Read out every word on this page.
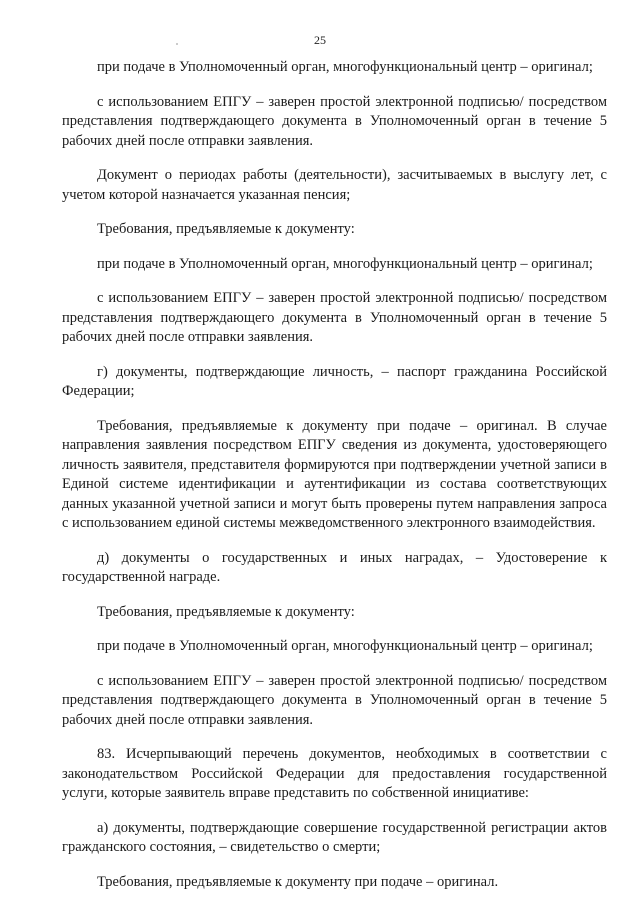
25

при подаче в Уполномоченный орган, многофункциональный центр – оригинал;

с использованием ЕПГУ – заверен простой электронной подписью/ посредством представления подтверждающего документа в Уполномоченный орган в течение 5 рабочих дней после отправки заявления.

Документ о периодах работы (деятельности), засчитываемых в выслугу лет, с учетом которой назначается указанная пенсия;

Требования, предъявляемые к документу:

при подаче в Уполномоченный орган, многофункциональный центр – оригинал;

с использованием ЕПГУ – заверен простой электронной подписью/ посредством представления подтверждающего документа в Уполномоченный орган в течение 5 рабочих дней после отправки заявления.

г) документы, подтверждающие личность, – паспорт гражданина Российской Федерации;

Требования, предъявляемые к документу при подаче – оригинал. В случае направления заявления посредством ЕПГУ сведения из документа, удостоверяющего личность заявителя, представителя формируются при подтверждении учетной записи в Единой системе идентификации и аутентификации из состава соответствующих данных указанной учетной записи и могут быть проверены путем направления запроса с использованием единой системы межведомственного электронного взаимодействия.

д) документы о государственных и иных наградах, – Удостоверение к государственной награде.

Требования, предъявляемые к документу:

при подаче в Уполномоченный орган, многофункциональный центр – оригинал;

с использованием ЕПГУ – заверен простой электронной подписью/ посредством представления подтверждающего документа в Уполномоченный орган в течение 5 рабочих дней после отправки заявления.

83. Исчерпывающий перечень документов, необходимых в соответствии с законодательством Российской Федерации для предоставления государственной услуги, которые заявитель вправе представить по собственной инициативе:

а) документы, подтверждающие совершение государственной регистрации актов гражданского состояния, – свидетельство о смерти;

Требования, предъявляемые к документу при подаче – оригинал.
